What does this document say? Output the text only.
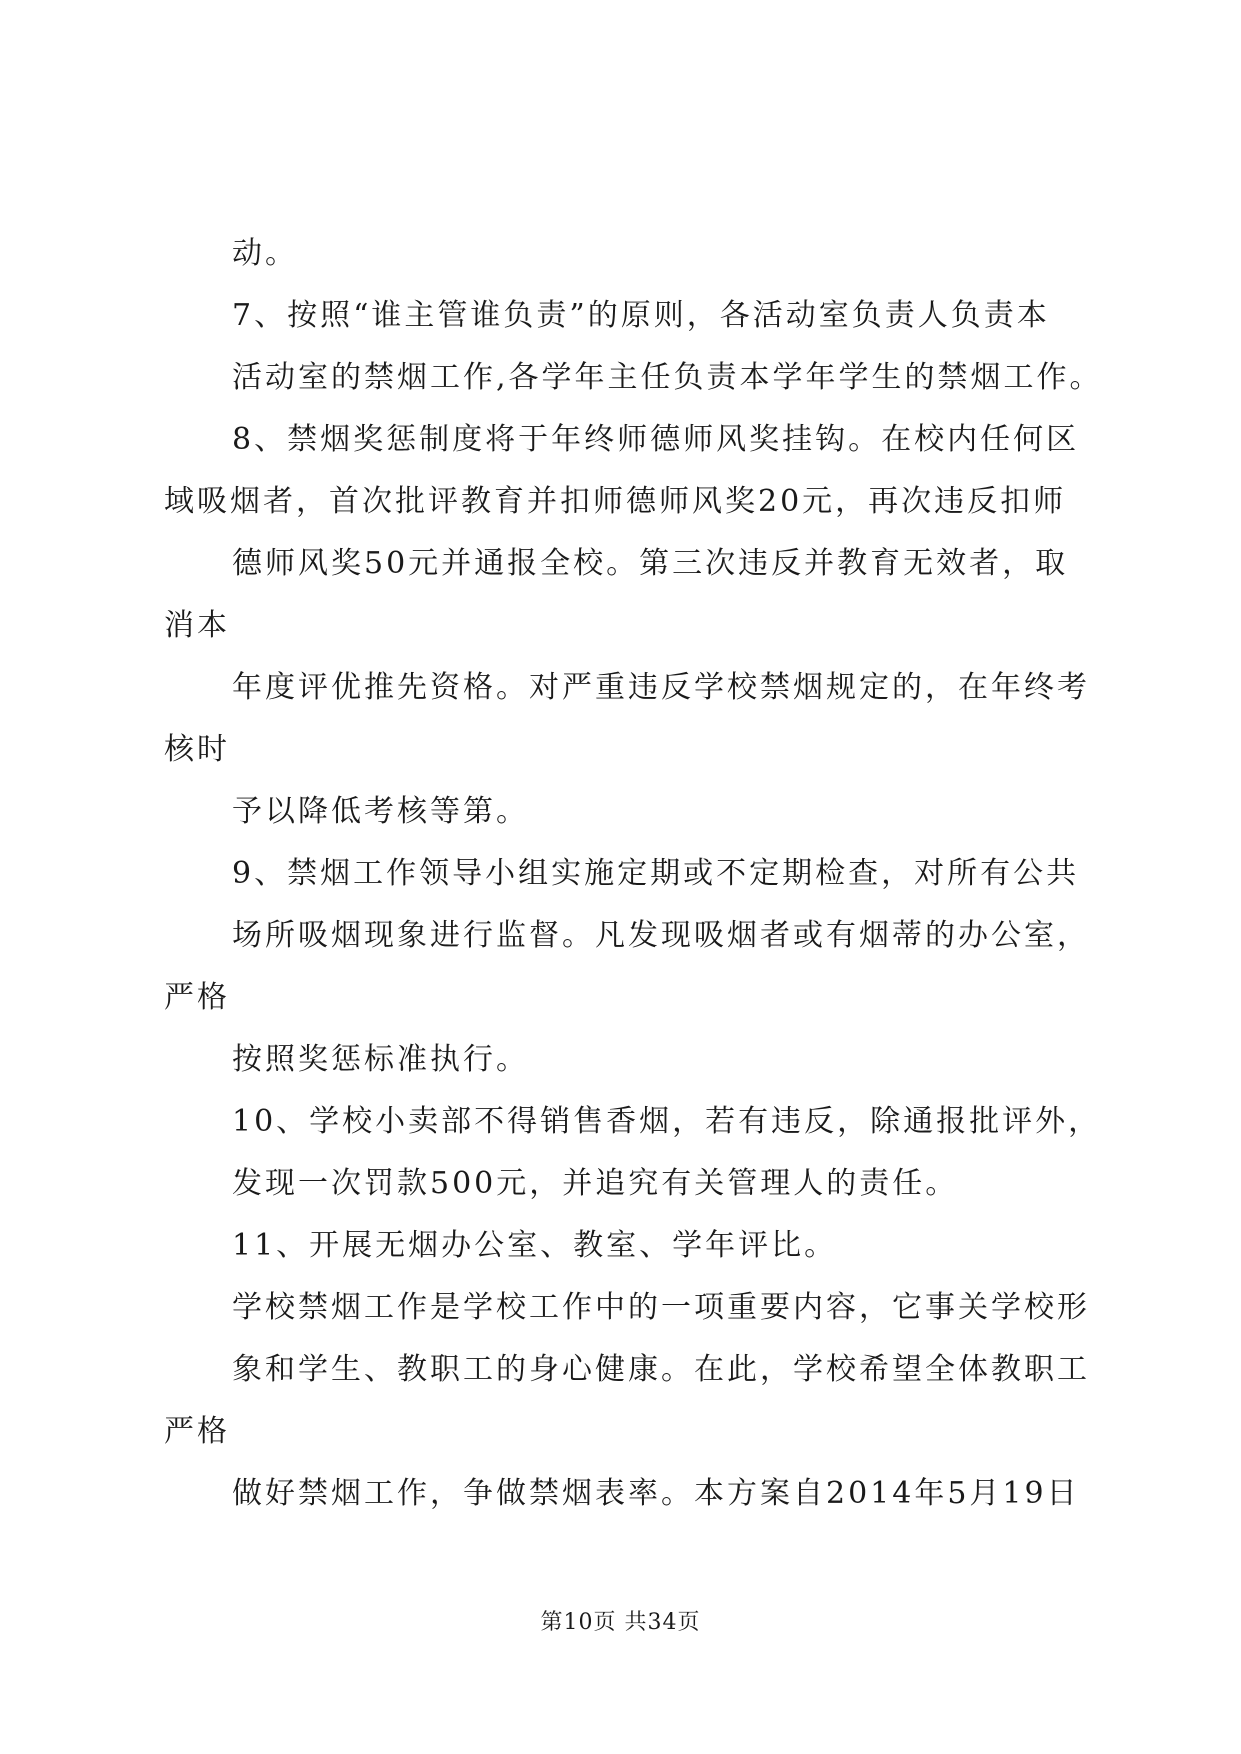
动。
7、按照“谁主管谁负责”的原则，各活动室负责人负责本
活动室的禁烟工作,各学年主任负责本学年学生的禁烟工作。
8、禁烟奖惩制度将于年终师德师风奖挂钩。在校内任何区
域吸烟者，首次批评教育并扣师德师风奖20元，再次违反扣师
德师风奖50元并通报全校。第三次违反并教育无效者，取
消本
年度评优推先资格。对严重违反学校禁烟规定的，在年终考
核时
予以降低考核等第。
9、禁烟工作领导小组实施定期或不定期检查，对所有公共
场所吸烟现象进行监督。凡发现吸烟者或有烟蒂的办公室，
严格
按照奖惩标准执行。
10、学校小卖部不得销售香烟，若有违反，除通报批评外，
发现一次罚款500元，并追究有关管理人的责任。
11、开展无烟办公室、教室、学年评比。
学校禁烟工作是学校工作中的一项重要内容，它事关学校形
象和学生、教职工的身心健康。在此，学校希望全体教职工
严格
做好禁烟工作，争做禁烟表率。本方案自2014年5月19日
第10页 共34页
